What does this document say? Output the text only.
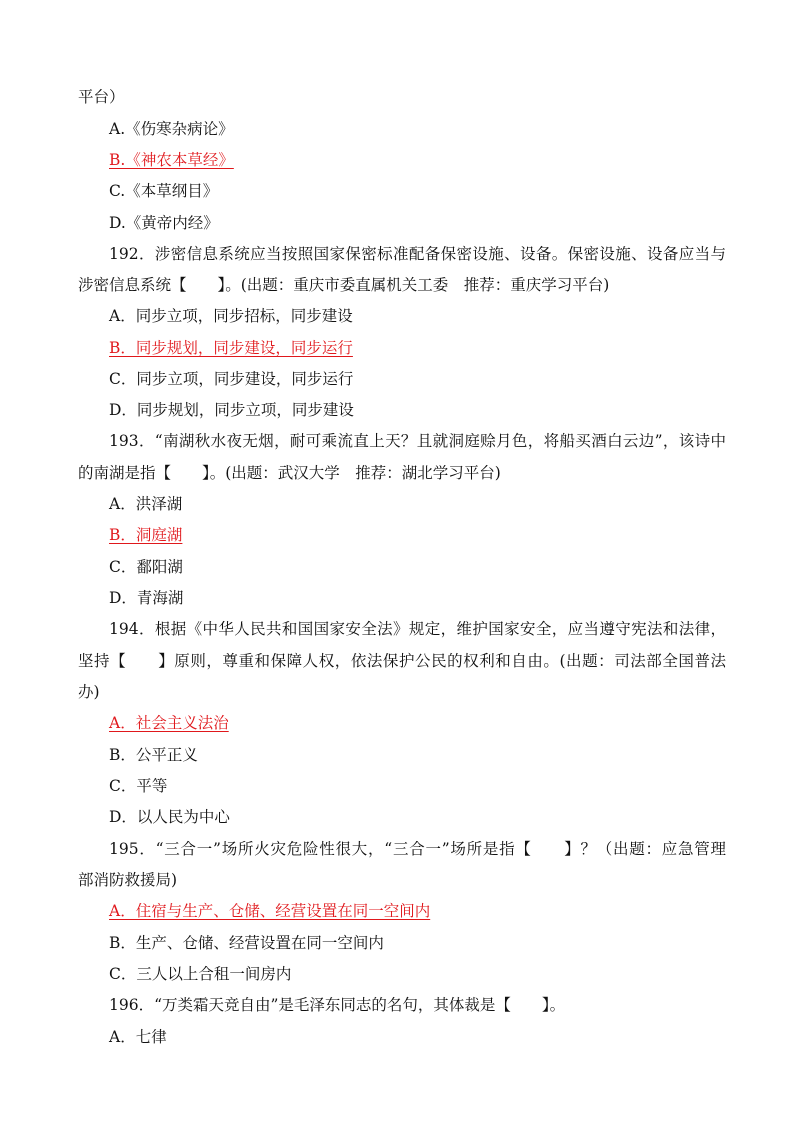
平台）
A.《伤寒杂病论》
B.《神农本草经》
C.《本草纲目》
D.《黄帝内经》
192．涉密信息系统应当按照国家保密标准配备保密设施、设备。保密设施、设备应当与
涉密信息系统【　　】。(出题：重庆市委直属机关工委　推荐：重庆学习平台)
A．同步立项，同步招标，同步建设
B．同步规划，同步建设，同步运行
C．同步立项，同步建设，同步运行
D．同步规划，同步立项，同步建设
193．“南湖秋水夜无烟，耐可乘流直上天？且就洞庭赊月色，将船买酒白云边”，该诗中
的南湖是指【　　】。(出题：武汉大学　推荐：湖北学习平台)
A．洪泽湖
B．洞庭湖
C．鄱阳湖
D．青海湖
194．根据《中华人民共和国国家安全法》规定，维护国家安全，应当遵守宪法和法律，
坚持【　　】原则，尊重和保障人权，依法保护公民的权利和自由。(出题：司法部全国普法
办)
A．社会主义法治
B．公平正义
C．平等
D．以人民为中心
195．“三合一”场所火灾危险性很大，“三合一”场所是指【　　】？（出题：应急管理
部消防救援局)
A．住宿与生产、仓储、经营设置在同一空间内
B．生产、仓储、经营设置在同一空间内
C．三人以上合租一间房内
196．“万类霜天竞自由”是毛泽东同志的名句，其体裁是【　　】。
A．七律
